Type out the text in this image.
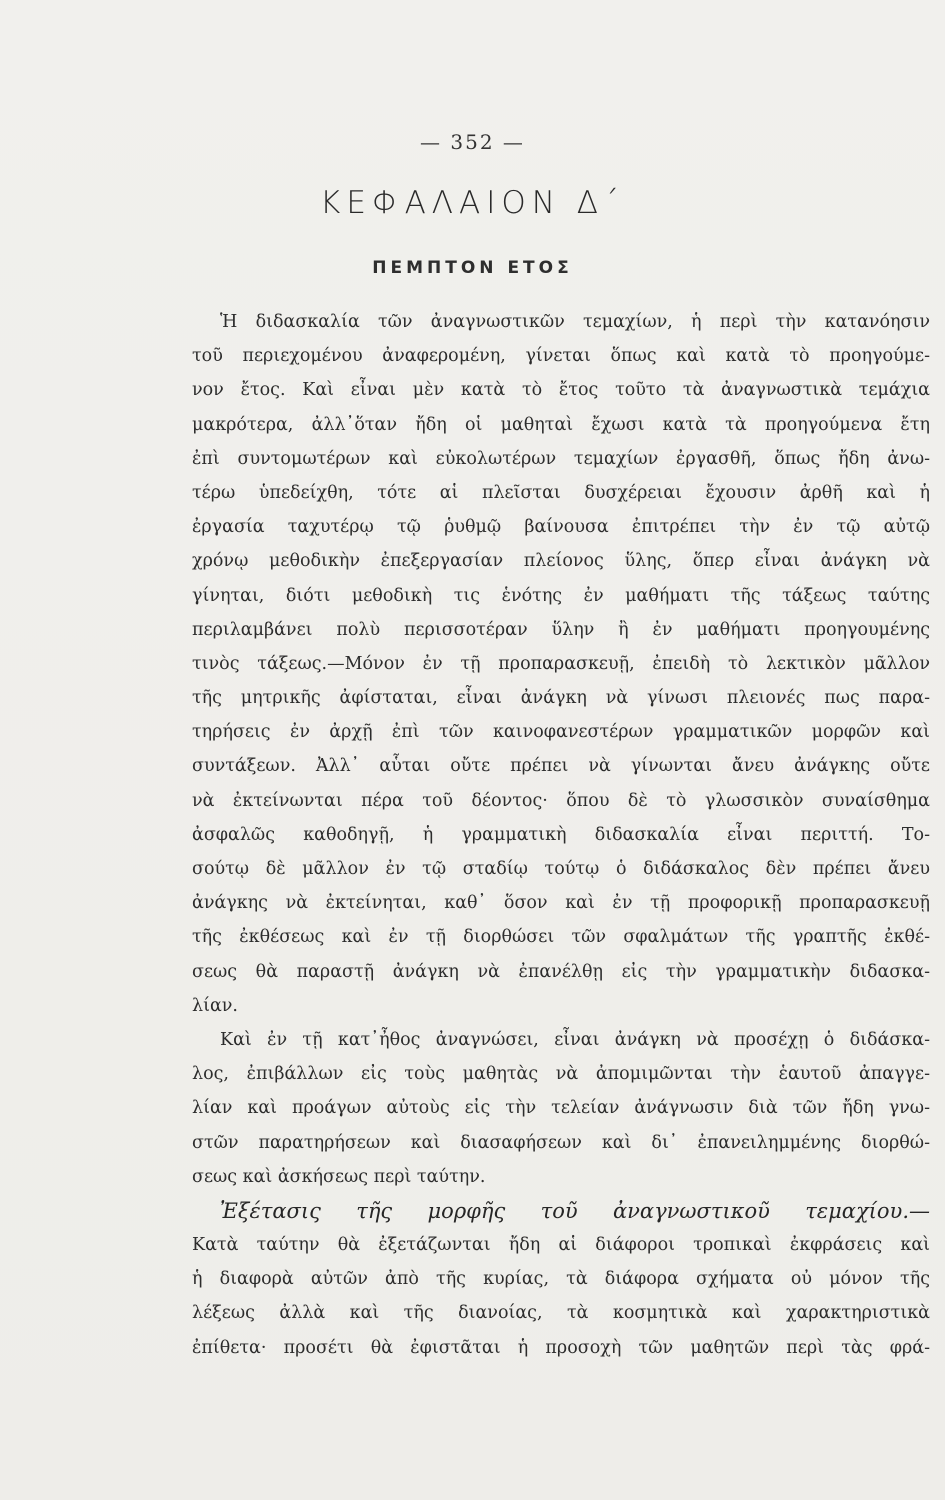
— 352 —
ΚΕΦΑΛΑΙΟΝ Δ΄
ΠΕΜΠΤΟΝ ΕΤΟΣ
Ἡ διδασκαλία τῶν ἀναγνωστικῶν τεμαχίων, ἡ περὶ τὴν κατανόησιν
τοῦ περιεχομένου ἀναφερομένη, γίνεται ὅπως καὶ κατὰ τὸ προηγούμε-
νον ἔτος. Καὶ εἶναι μὲν κατὰ τὸ ἔτος τοῦτο τὰ ἀναγνωστικὰ τεμάχια
μακρότερα, ἀλλ᾽ὅταν ἤδη οἱ μαθηταὶ ἔχωσι κατὰ τὰ προηγούμενα ἔτη
ἐπὶ συντομωτέρων καὶ εὐκολωτέρων τεμαχίων ἐργασθῆ, ὅπως ἤδη ἀνω-
τέρω ὑπεδείχθη, τότε αἱ πλεῖσται δυσχέρειαι ἔχουσιν ἀρθῆ καὶ ἡ
ἐργασία ταχυτέρῳ τῷ ῥυθμῷ βαίνουσα ἐπιτρέπει τὴν ἐν τῷ αὐτῷ
χρόνῳ μεθοδικὴν ἐπεξεργασίαν πλείονος ὕλης, ὅπερ εἶναι ἀνάγκη νὰ
γίνηται, διότι μεθοδικὴ τις ἑνότης ἐν μαθήματι τῆς τάξεως ταύτης
περιλαμβάνει πολὺ περισσοτέραν ὕλην ἢ ἐν μαθήματι προηγουμένης
τινὸς τάξεως.—Μόνον ἐν τῇ προπαρασκευῇ, ἐπειδὴ τὸ λεκτικὸν μᾶλλον
τῆς μητρικῆς ἀφίσταται, εἶναι ἀνάγκη νὰ γίνωσι πλειονές πως παρα-
τηρήσεις ἐν ἀρχῇ ἐπὶ τῶν καινοφανεστέρων γραμματικῶν μορφῶν καὶ
συντάξεων. Ἀλλ᾽ αὗται οὔτε πρέπει νὰ γίνωνται ἄνευ ἀνάγκης οὔτε
νὰ ἐκτείνωνται πέρα τοῦ δέοντος· ὅπου δὲ τὸ γλωσσικὸν συναίσθημα
ἀσφαλῶς καθοδηγῇ, ἡ γραμματικὴ διδασκαλία εἶναι περιττή. Το-
σούτῳ δὲ μᾶλλον ἐν τῷ σταδίῳ τούτῳ ὁ διδάσκαλος δὲν πρέπει ἄνευ
ἀνάγκης νὰ ἐκτείνηται, καθ᾽ ὅσον καὶ ἐν τῇ προφορικῇ προπαρασκευῇ
τῆς ἐκθέσεως καὶ ἐν τῇ διορθώσει τῶν σφαλμάτων τῆς γραπτῆς ἐκθέ-
σεως θὰ παραστῇ ἀνάγκη νὰ ἐπανέλθῃ εἰς τὴν γραμματικὴν διδασκα-
λίαν.
Καὶ ἐν τῇ κατ᾽ἦθος ἀναγνώσει, εἶναι ἀνάγκη νὰ προσέχῃ ὁ διδάσκα-
λος, ἐπιβάλλων εἰς τοὺς μαθητὰς νὰ ἀπομιμῶνται τὴν ἑαυτοῦ ἀπαγγε-
λίαν καὶ προάγων αὐτοὺς εἰς τὴν τελείαν ἀνάγνωσιν διὰ τῶν ἤδη γνω-
στῶν παρατηρήσεων καὶ διασαφήσεων καὶ δι᾽ ἐπανειλημμένης διορθώ-
σεως καὶ ἀσκήσεως περὶ ταύτην.
Ἐξέτασις τῆς μορφῆς τοῦ ἀναγνωστικοῦ τεμαχίου.—
Κατὰ ταύτην θὰ ἐξετάζωνται ἤδη αἱ διάφοροι τροπικαὶ ἐκφράσεις καὶ
ἡ διαφορὰ αὐτῶν ἀπὸ τῆς κυρίας, τὰ διάφορα σχήματα οὐ μόνον τῆς
λέξεως ἀλλὰ καὶ τῆς διανοίας, τὰ κοσμητικὰ καὶ χαρακτηριστικὰ
ἐπίθετα· προσέτι θὰ ἐφιστᾶται ἡ προσοχὴ τῶν μαθητῶν περὶ τὰς φρά-
